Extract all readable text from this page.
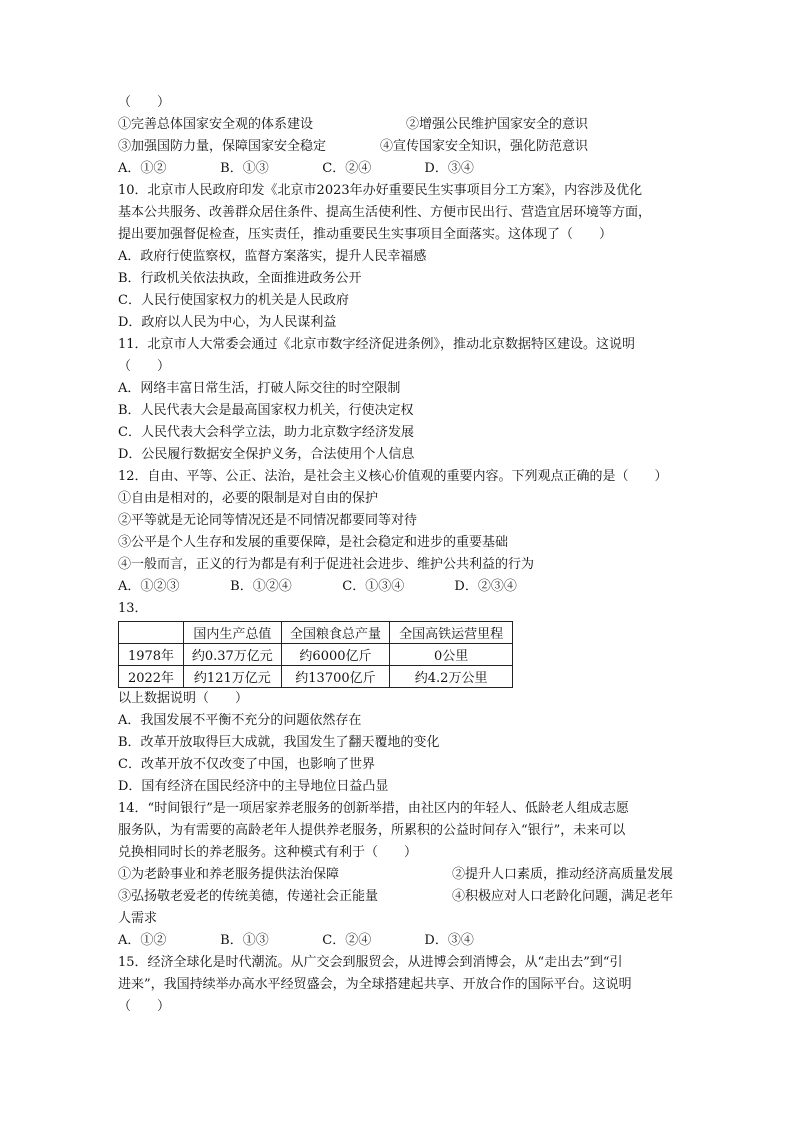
（　　）
①完善总体国家安全观的体系建设	②增强公民维护国家安全的意识
③加强国防力量，保障国家安全稳定	④宣传国家安全知识，强化防范意识
A．①②	B．①③	C．②④	D．③④
10．北京市人民政府印发《北京市2023年办好重要民生实事项目分工方案》，内容涉及优化
基本公共服务、改善群众居住条件、提高生活使利性、方便市民出行、营造宜居环境等方面，
提出要加强督促检查，压实责任，推动重要民生实事项目全面落实。这体现了（　　）
A．政府行使监察权，监督方案落实，提升人民幸福感
B．行政机关依法执政，全面推进政务公开
C．人民行使国家权力的机关是人民政府
D．政府以人民为中心，为人民谋利益
11．北京市人大常委会通过《北京市数字经济促进条例》，推动北京数据特区建设。这说明
（　　）
A．网络丰富日常生活，打破人际交往的时空限制
B．人民代表大会是最高国家权力机关，行使决定权
C．人民代表大会科学立法，助力北京数字经济发展
D．公民履行数据安全保护义务，合法使用个人信息
12．自由、平等、公正、法治，是社会主义核心价值观的重要内容。下列观点正确的是（　　）
①自由是相对的，必要的限制是对自由的保护
②平等就是无论同等情况还是不同情况都要同等对待
③公平是个人生存和发展的重要保障，是社会稳定和进步的重要基础
④一般而言，正义的行为都是有利于促进社会进步、维护公共利益的行为
A．①②③	B．①②④	C．①③④	D．②③④
13．
	国内生产总值	全国粮食总产量	全国高铁运营里程
1978年	约0.37万亿元	约6000亿斤	0公里
2022年	约121万亿元	约13700亿斤	约4.2万公里
以上数据说明（　　）
A．我国发展不平衡不充分的问题依然存在
B．改革开放取得巨大成就，我国发生了翻天覆地的变化
C．改革开放不仅改变了中国，也影响了世界
D．国有经济在国民经济中的主导地位日益凸显
14．“时间银行”是一项居家养老服务的创新举措，由社区内的年轻人、低龄老人组成志愿
服务队，为有需要的高龄老年人提供养老服务，所累积的公益时间存入“银行”，未来可以
兑换相同时长的养老服务。这种模式有利于（　　）
①为老龄事业和养老服务提供法治保障	②提升人口素质，推动经济高质量发展
③弘扬敬老爱老的传统美德，传递社会正能量	④积极应对人口老龄化问题，满足老年
人需求
A．①②	B．①③	C．②④	D．③④
15．经济全球化是时代潮流。从广交会到服贸会，从进博会到消博会，从“走出去”到“引
进来”，我国持续举办高水平经贸盛会，为全球搭建起共享、开放合作的国际平台。这说明
（　　）
